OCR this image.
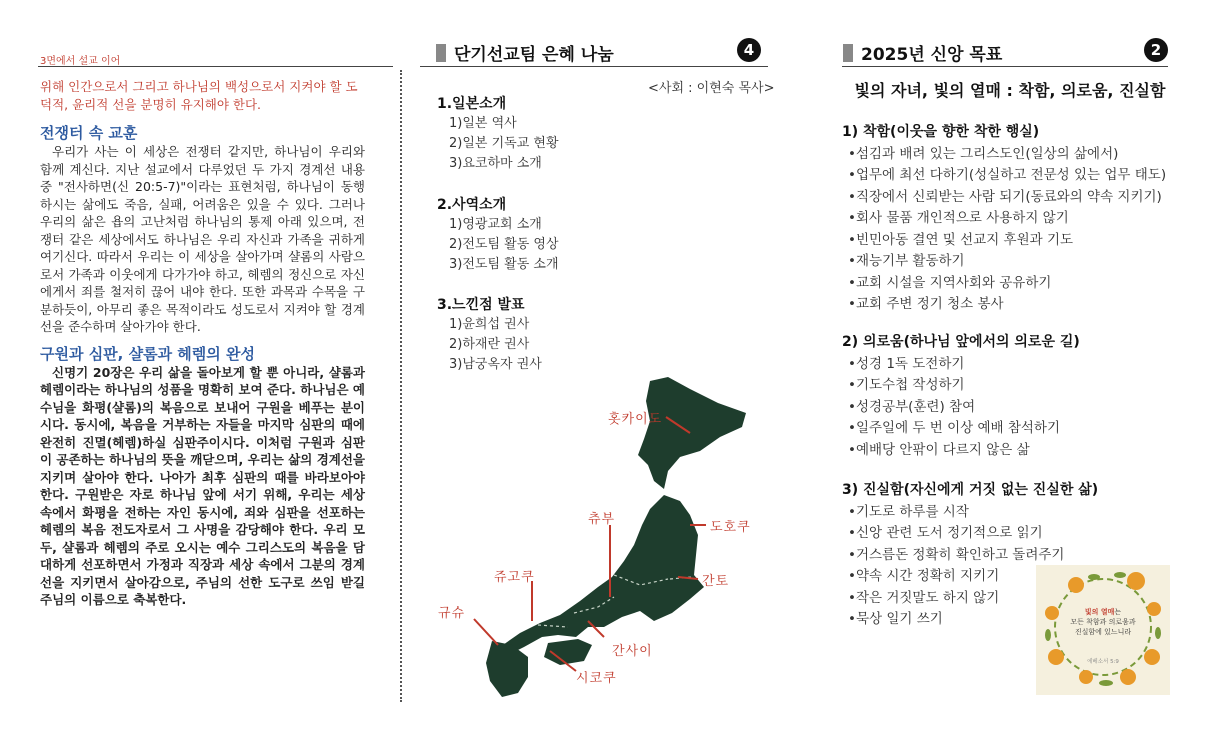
3면에서 설교 이어

위해 인간으로서 그리고 하나님의 백성으로서 지켜야 할 도덕적, 윤리적 선을 분명히 유지해야 한다.

전쟁터 속 교훈

우리가 사는 이 세상은 전쟁터 같지만, 하나님이 우리와 함께 계신다. 지난 설교에서 다루었던 두 가지 경계선 내용 중 "전사하면(신 20:5-7)"이라는 표현처럼, 하나님이 동행하시는 삶에도 죽음, 실패, 어려움은 있을 수 있다. 그러나 우리의 삶은 욥의 고난처럼 하나님의 통제 아래 있으며, 전쟁터 같은 세상에서도 하나님은 우리 자신과 가족을 귀하게 여기신다. 따라서 우리는 이 세상을 살아가며 샬롬의 사람으로서 가족과 이웃에게 다가가야 하고, 헤렘의 정신으로 자신에게서 죄를 철저히 끊어 내야 한다. 또한 과목과 수목을 구분하듯이, 아무리 좋은 목적이라도 성도로서 지켜야 할 경계선을 준수하며 살아가야 한다.

구원과 심판, 샬롬과 헤렘의 완성

신명기 20장은 우리 삶을 돌아보게 할 뿐 아니라, 샬롬과 헤렘이라는 하나님의 성품을 명확히 보여 준다. 하나님은 예수님을 화평(샬롬)의 복음으로 보내어 구원을 베푸는 분이시다. 동시에, 복음을 거부하는 자들을 마지막 심판의 때에 완전히 진멸(헤렘)하실 심판주이시다. 이처럼 구원과 심판이 공존하는 하나님의 뜻을 깨닫으며, 우리는 삶의 경계선을 지키며 살아야 한다. 나아가 최후 심판의 때를 바라보아야 한다. 구원받은 자로 하나님 앞에 서기 위해, 우리는 세상 속에서 화평을 전하는 자인 동시에, 죄와 심판을 선포하는 헤렘의 복음 전도자로서 그 사명을 감당해야 한다. 우리 모두, 샬롬과 헤렘의 주로 오시는 예수 그리스도의 복음을 담대하게 선포하면서 가정과 직장과 세상 속에서 그분의 경계선을 지키면서 살아감으로, 주님의 선한 도구로 쓰임 받길 주님의 이름으로 축복한다.

단기선교팀 은혜 나눔	4
<사회 : 이현숙 목사>
1.일본소개
1)일본 역사
2)일본 기독교 현황
3)요코하마 소개
2.사역소개
1)영광교회 소개
2)전도팀 활동 영상
3)전도팀 활동 소개
3.느낀점 발표
1)윤희섭 권사
2)하재란 권사
3)남궁옥자 권사
홋카이도
도호쿠
츄부
간토
쥬고쿠
규슈
간사이
시코쿠
2025년 신앙 목표	2
빛의 자녀, 빛의 열매 : 착함, 의로움, 진실함
1) 착함(이웃을 향한 착한 행실)
•섬김과 배려 있는 그리스도인(일상의 삶에서)
•업무에 최선 다하기(성실하고 전문성 있는 업무 태도)
•직장에서 신뢰받는 사람 되기(동료와의 약속 지키기)
•회사 물품 개인적으로 사용하지 않기
•빈민아동 결연 및 선교지 후원과 기도
•재능기부 활동하기
•교회 시설을 지역사회와 공유하기
•교회 주변 정기 청소 봉사
2) 의로움(하나님 앞에서의 의로운 길)
•성경 1독 도전하기
•기도수첩 작성하기
•성경공부(훈련) 참여
•일주일에 두 번 이상 예배 참석하기
•예배당 안팎이 다르지 않은 삶
3) 진실함(자신에게 거짓 없는 진실한 삶)
•기도로 하루를 시작
•신앙 관련 도서 정기적으로 읽기
•거스름돈 정확히 확인하고 돌려주기
•약속 시간 정확히 지키기
•작은 거짓말도 하지 않기
•묵상 일기 쓰기	빛의 열매는
모든 착함과 의로움과
진실함에 있느니라
에베소서 5:9
